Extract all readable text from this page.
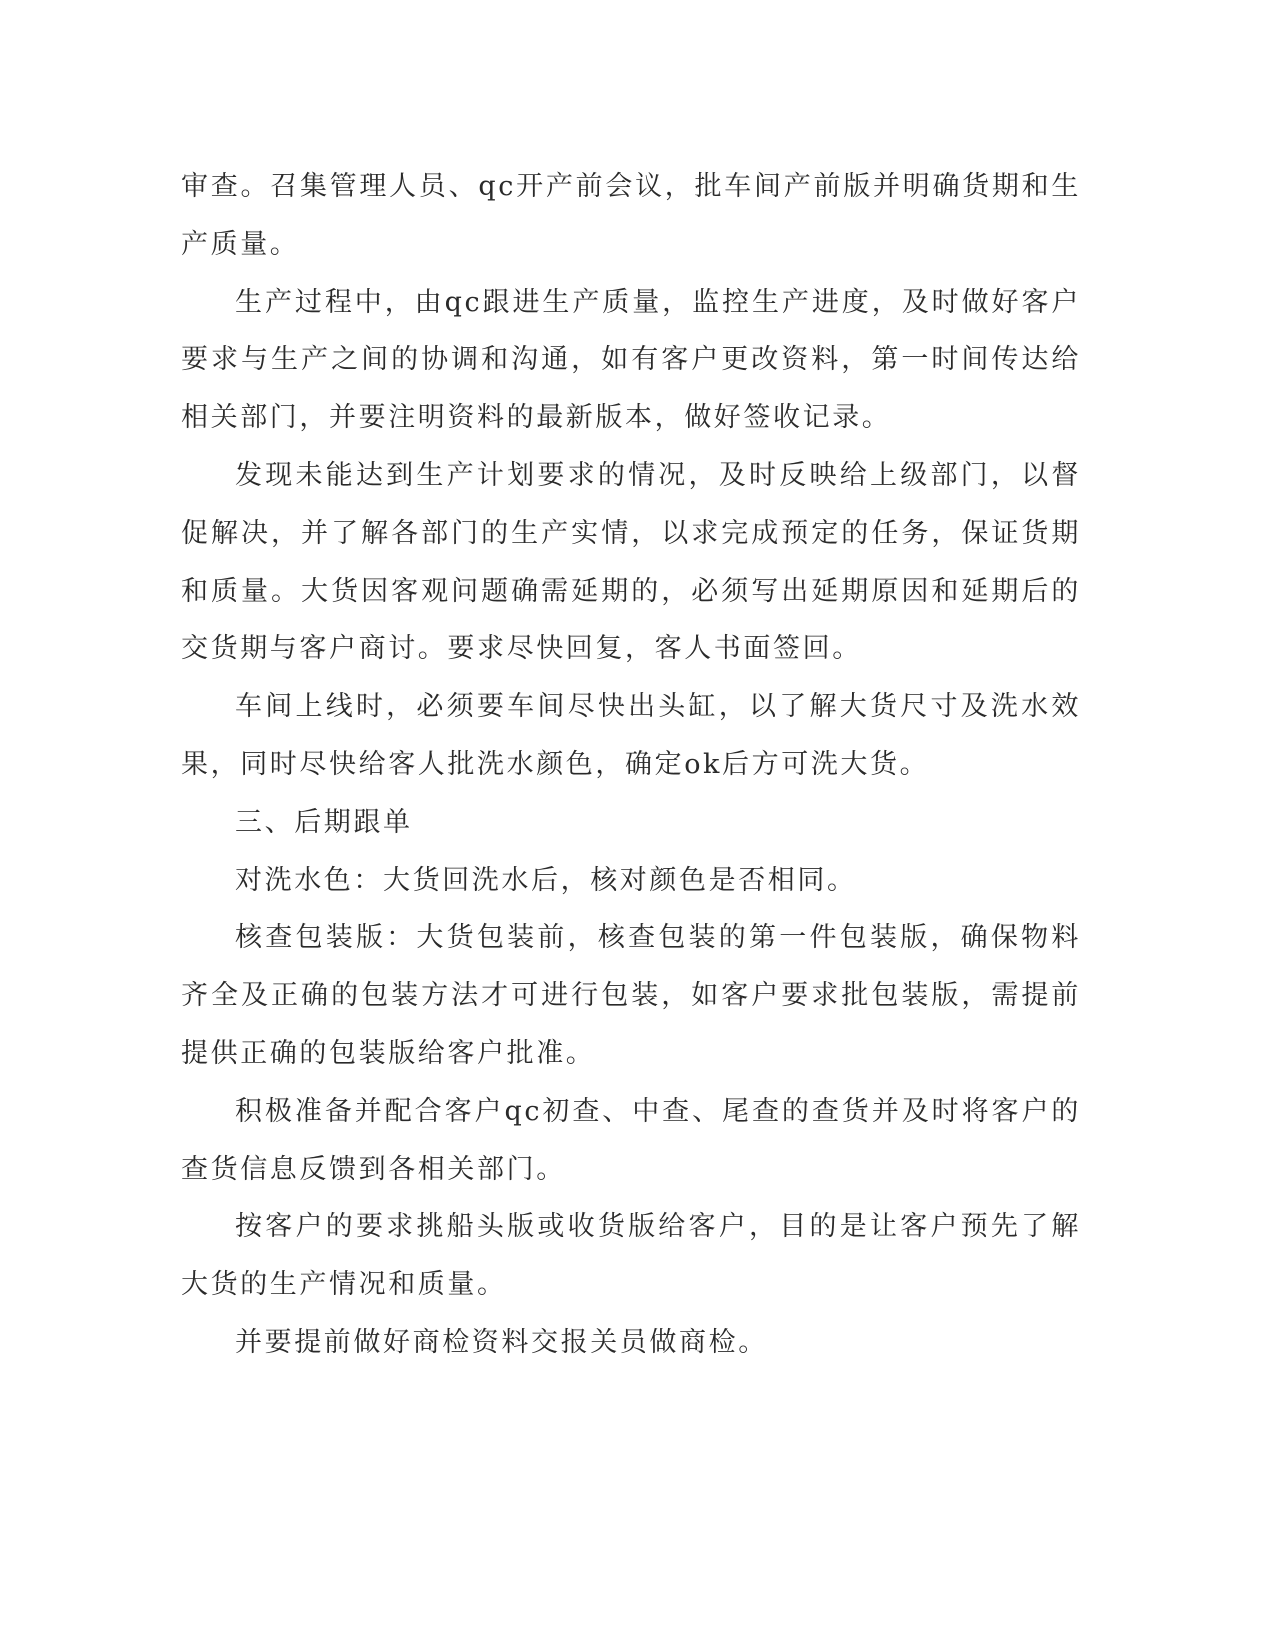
审查。召集管理人员、qc开产前会议，批车间产前版并明确货期和生产质量。

生产过程中，由qc跟进生产质量，监控生产进度，及时做好客户要求与生产之间的协调和沟通，如有客户更改资料，第一时间传达给相关部门，并要注明资料的最新版本，做好签收记录。

发现未能达到生产计划要求的情况，及时反映给上级部门，以督促解决，并了解各部门的生产实情，以求完成预定的任务，保证货期和质量。大货因客观问题确需延期的，必须写出延期原因和延期后的交货期与客户商讨。要求尽快回复，客人书面签回。

车间上线时，必须要车间尽快出头缸，以了解大货尺寸及洗水效果，同时尽快给客人批洗水颜色，确定ok后方可洗大货。

三、后期跟单

对洗水色：大货回洗水后，核对颜色是否相同。

核查包装版：大货包装前，核查包装的第一件包装版，确保物料齐全及正确的包装方法才可进行包装，如客户要求批包装版，需提前提供正确的包装版给客户批准。

积极准备并配合客户qc初查、中查、尾查的查货并及时将客户的查货信息反馈到各相关部门。

按客户的要求挑船头版或收货版给客户，目的是让客户预先了解大货的生产情况和质量。

并要提前做好商检资料交报关员做商检。
